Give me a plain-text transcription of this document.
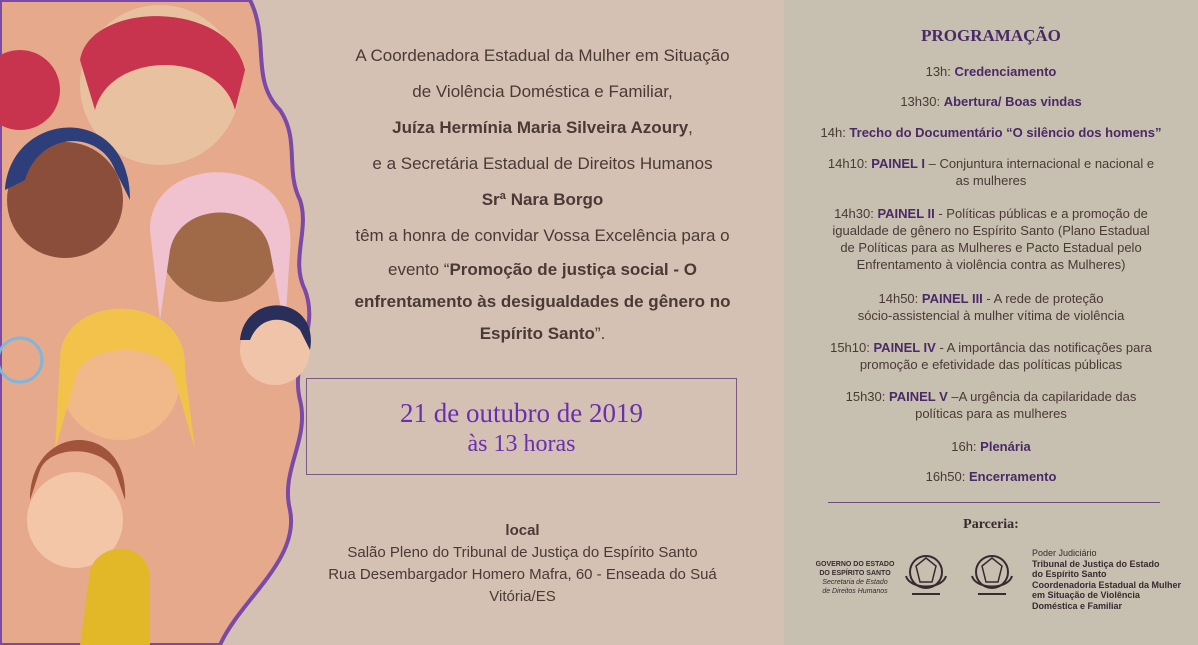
A Coordenadora Estadual da Mulher em Situação

de Violência Doméstica e Familiar,

Juíza Hermínia Maria Silveira Azoury,

e a Secretária Estadual de Direitos Humanos

Srª Nara Borgo

têm a honra de convidar Vossa Excelência para o

evento “Promoção de justiça social - O

enfrentamento às desigualdades de gênero no

Espírito Santo”.

21 de outubro de 2019
às 13 horas
local
Salão Pleno do Tribunal de Justiça do Espírito Santo
Rua Desembargador Homero Mafra, 60 - Enseada do Suá
Vitória/ES
PROGRAMAÇÃO
13h: Credenciamento
13h30: Abertura/ Boas vindas
14h: Trecho do Documentário “O silêncio dos homens”
14h10: PAINEL I – Conjuntura internacional e nacional e
as mulheres
14h30: PAINEL II - Políticas públicas e a promoção de
igualdade de gênero no Espírito Santo (Plano Estadual
de Políticas para as Mulheres e Pacto Estadual pelo
Enfrentamento à violência contra as Mulheres)
14h50: PAINEL III - A rede de proteção
sócio-assistencial à mulher vítima de violência
15h10: PAINEL IV - A importância das notificações para
promoção e efetividade das políticas públicas
15h30: PAINEL V –A urgência da capilaridade das
políticas para as mulheres
16h: Plenária
16h50: Encerramento
Parceria:
GOVERNO DO ESTADO
DO ESPÍRITO SANTO
Secretaria de Estado
de Direitos Humanos
Poder Judiciário
Tribunal de Justiça do Estado
do Espírito Santo
Coordenadoria Estadual da Mulher
em Situação de Violência
Doméstica e Familiar
